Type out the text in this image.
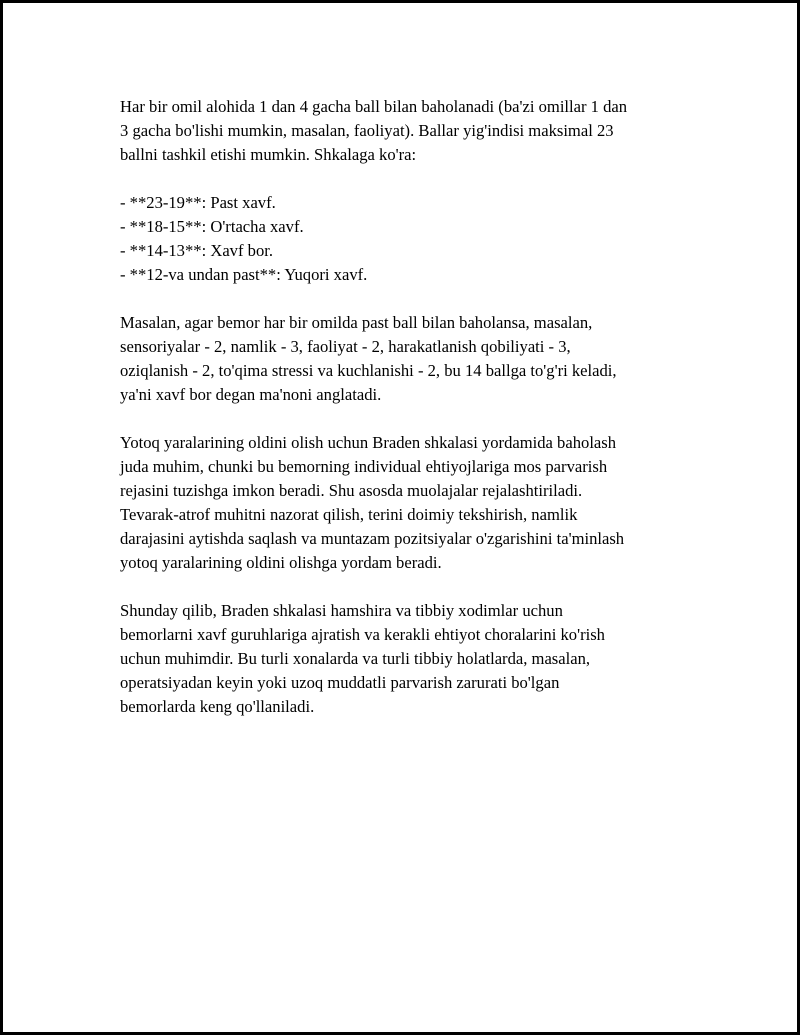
Har bir omil alohida 1 dan 4 gacha ball bilan baholanadi (ba'zi omillar 1 dan
3 gacha bo'lishi mumkin, masalan, faoliyat). Ballar yig'indisi maksimal 23
ballni tashkil etishi mumkin. Shkalaga ko'ra:

- **23-19**: Past xavf.
- **18-15**: O'rtacha xavf.
- **14-13**: Xavf bor.
- **12-va undan past**: Yuqori xavf.

Masalan, agar bemor har bir omilda past ball bilan baholansa, masalan,
sensoriyalar - 2, namlik - 3, faoliyat - 2, harakatlanish qobiliyati - 3,
oziqlanish - 2, to'qima stressi va kuchlanishi - 2, bu 14 ballga to'g'ri keladi,
ya'ni xavf bor degan ma'noni anglatadi.

Yotoq yaralarining oldini olish uchun Braden shkalasi yordamida baholash
juda muhim, chunki bu bemorning individual ehtiyojlariga mos parvarish
rejasini tuzishga imkon beradi. Shu asosda muolajalar rejalashtiriladi.
Tevarak-atrof muhitni nazorat qilish, terini doimiy tekshirish, namlik
darajasini aytishda saqlash va muntazam pozitsiyalar o'zgarishini ta'minlash
yotoq yaralarining oldini olishga yordam beradi.

Shunday qilib, Braden shkalasi hamshira va tibbiy xodimlar uchun
bemorlarni xavf guruhlariga ajratish va kerakli ehtiyot choralarini ko'rish
uchun muhimdir. Bu turli xonalarda va turli tibbiy holatlarda, masalan,
operatsiyadan keyin yoki uzoq muddatli parvarish zarurati bo'lgan
bemorlarda keng qo'llaniladi.
